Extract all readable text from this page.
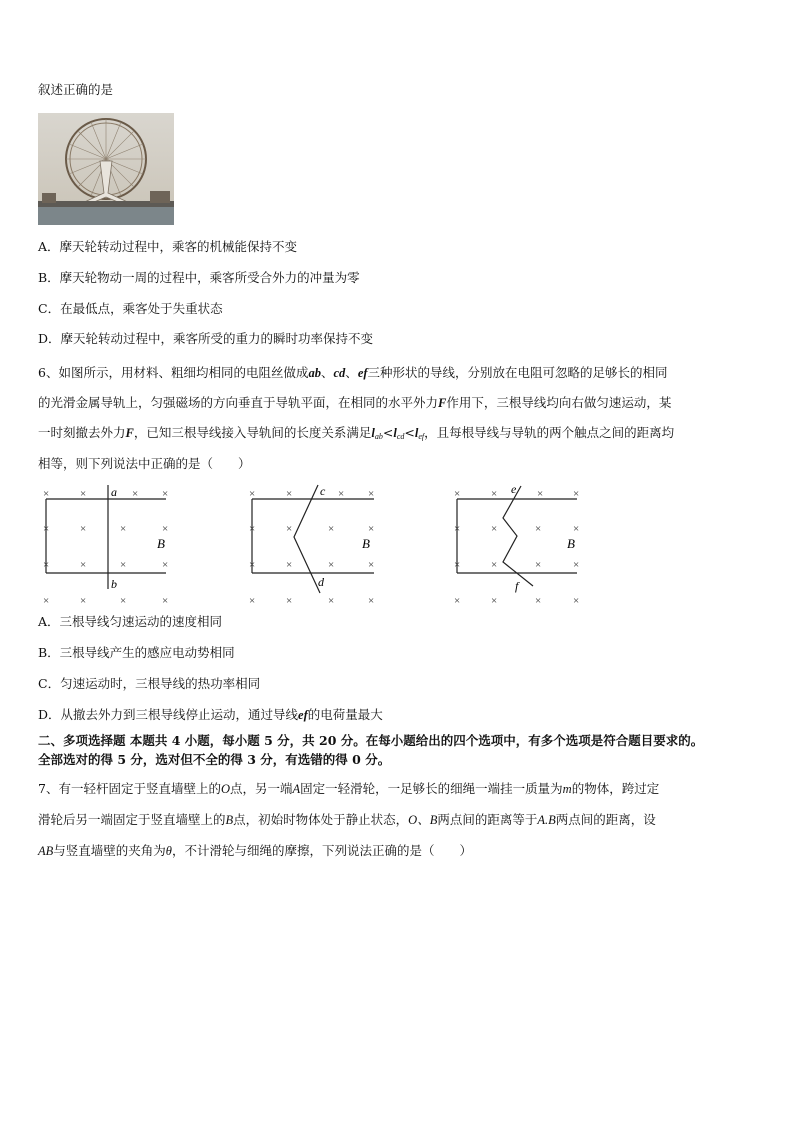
叙述正确的是
A．摩天轮转动过程中，乘客的机械能保持不变
B．摩天轮物动一周的过程中，乘客所受合外力的冲量为零
C．在最低点，乘客处于失重状态
D．摩天轮转动过程中，乘客所受的重力的瞬时功率保持不变
6、如图所示，用材料、粗细均相同的电阻丝做成ab、cd、ef三种形状的导线，分别放在电阻可忽略的足够长的相同
的光滑金属导轨上，匀强磁场的方向垂直于导轨平面，在相同的水平外力F作用下，三根导线均向右做匀速运动，某
一时刻撤去外力F，已知三根导线接入导轨间的长度关系满足$l_{ab}<l_{cd}<l_{ef}$，且每根导线与导轨的两个触点之间的距离均
相等，则下列说法中正确的是（　　）
×	×	× ×
×	×	×	×
×	×	×	×
×	×	×	×
a
b
B
×	×	× ×
×	×	×	×
×	×	×	×
×	×	×	×
c
d
B
×	×	×	×
×	×	×	×
×	×	×	×
×	×	×	×
e
f
B
A．三根导线匀速运动的速度相同
B．三根导线产生的感应电动势相同
C．匀速运动时，三根导线的热功率相同
D．从撤去外力到三根导线停止运动，通过导线ef的电荷量最大
二、多项选择题 本题共 4 小题，每小题 5 分，共 20 分。在每小题给出的四个选项中，有多个选项是符合题目要求的。
全部选对的得 5 分，选对但不全的得 3 分，有选错的得 0 分。
7、有一轻杆固定于竖直墙壁上的O点，另一端A固定一轻滑轮，一足够长的细绳一端挂一质量为m的物体，跨过定
滑轮后另一端固定于竖直墙壁上的B点，初始时物体处于静止状态，O、B两点间的距离等于A.B两点间的距离，设
AB与竖直墙壁的夹角为θ，不计滑轮与细绳的摩擦，下列说法正确的是（　　）
